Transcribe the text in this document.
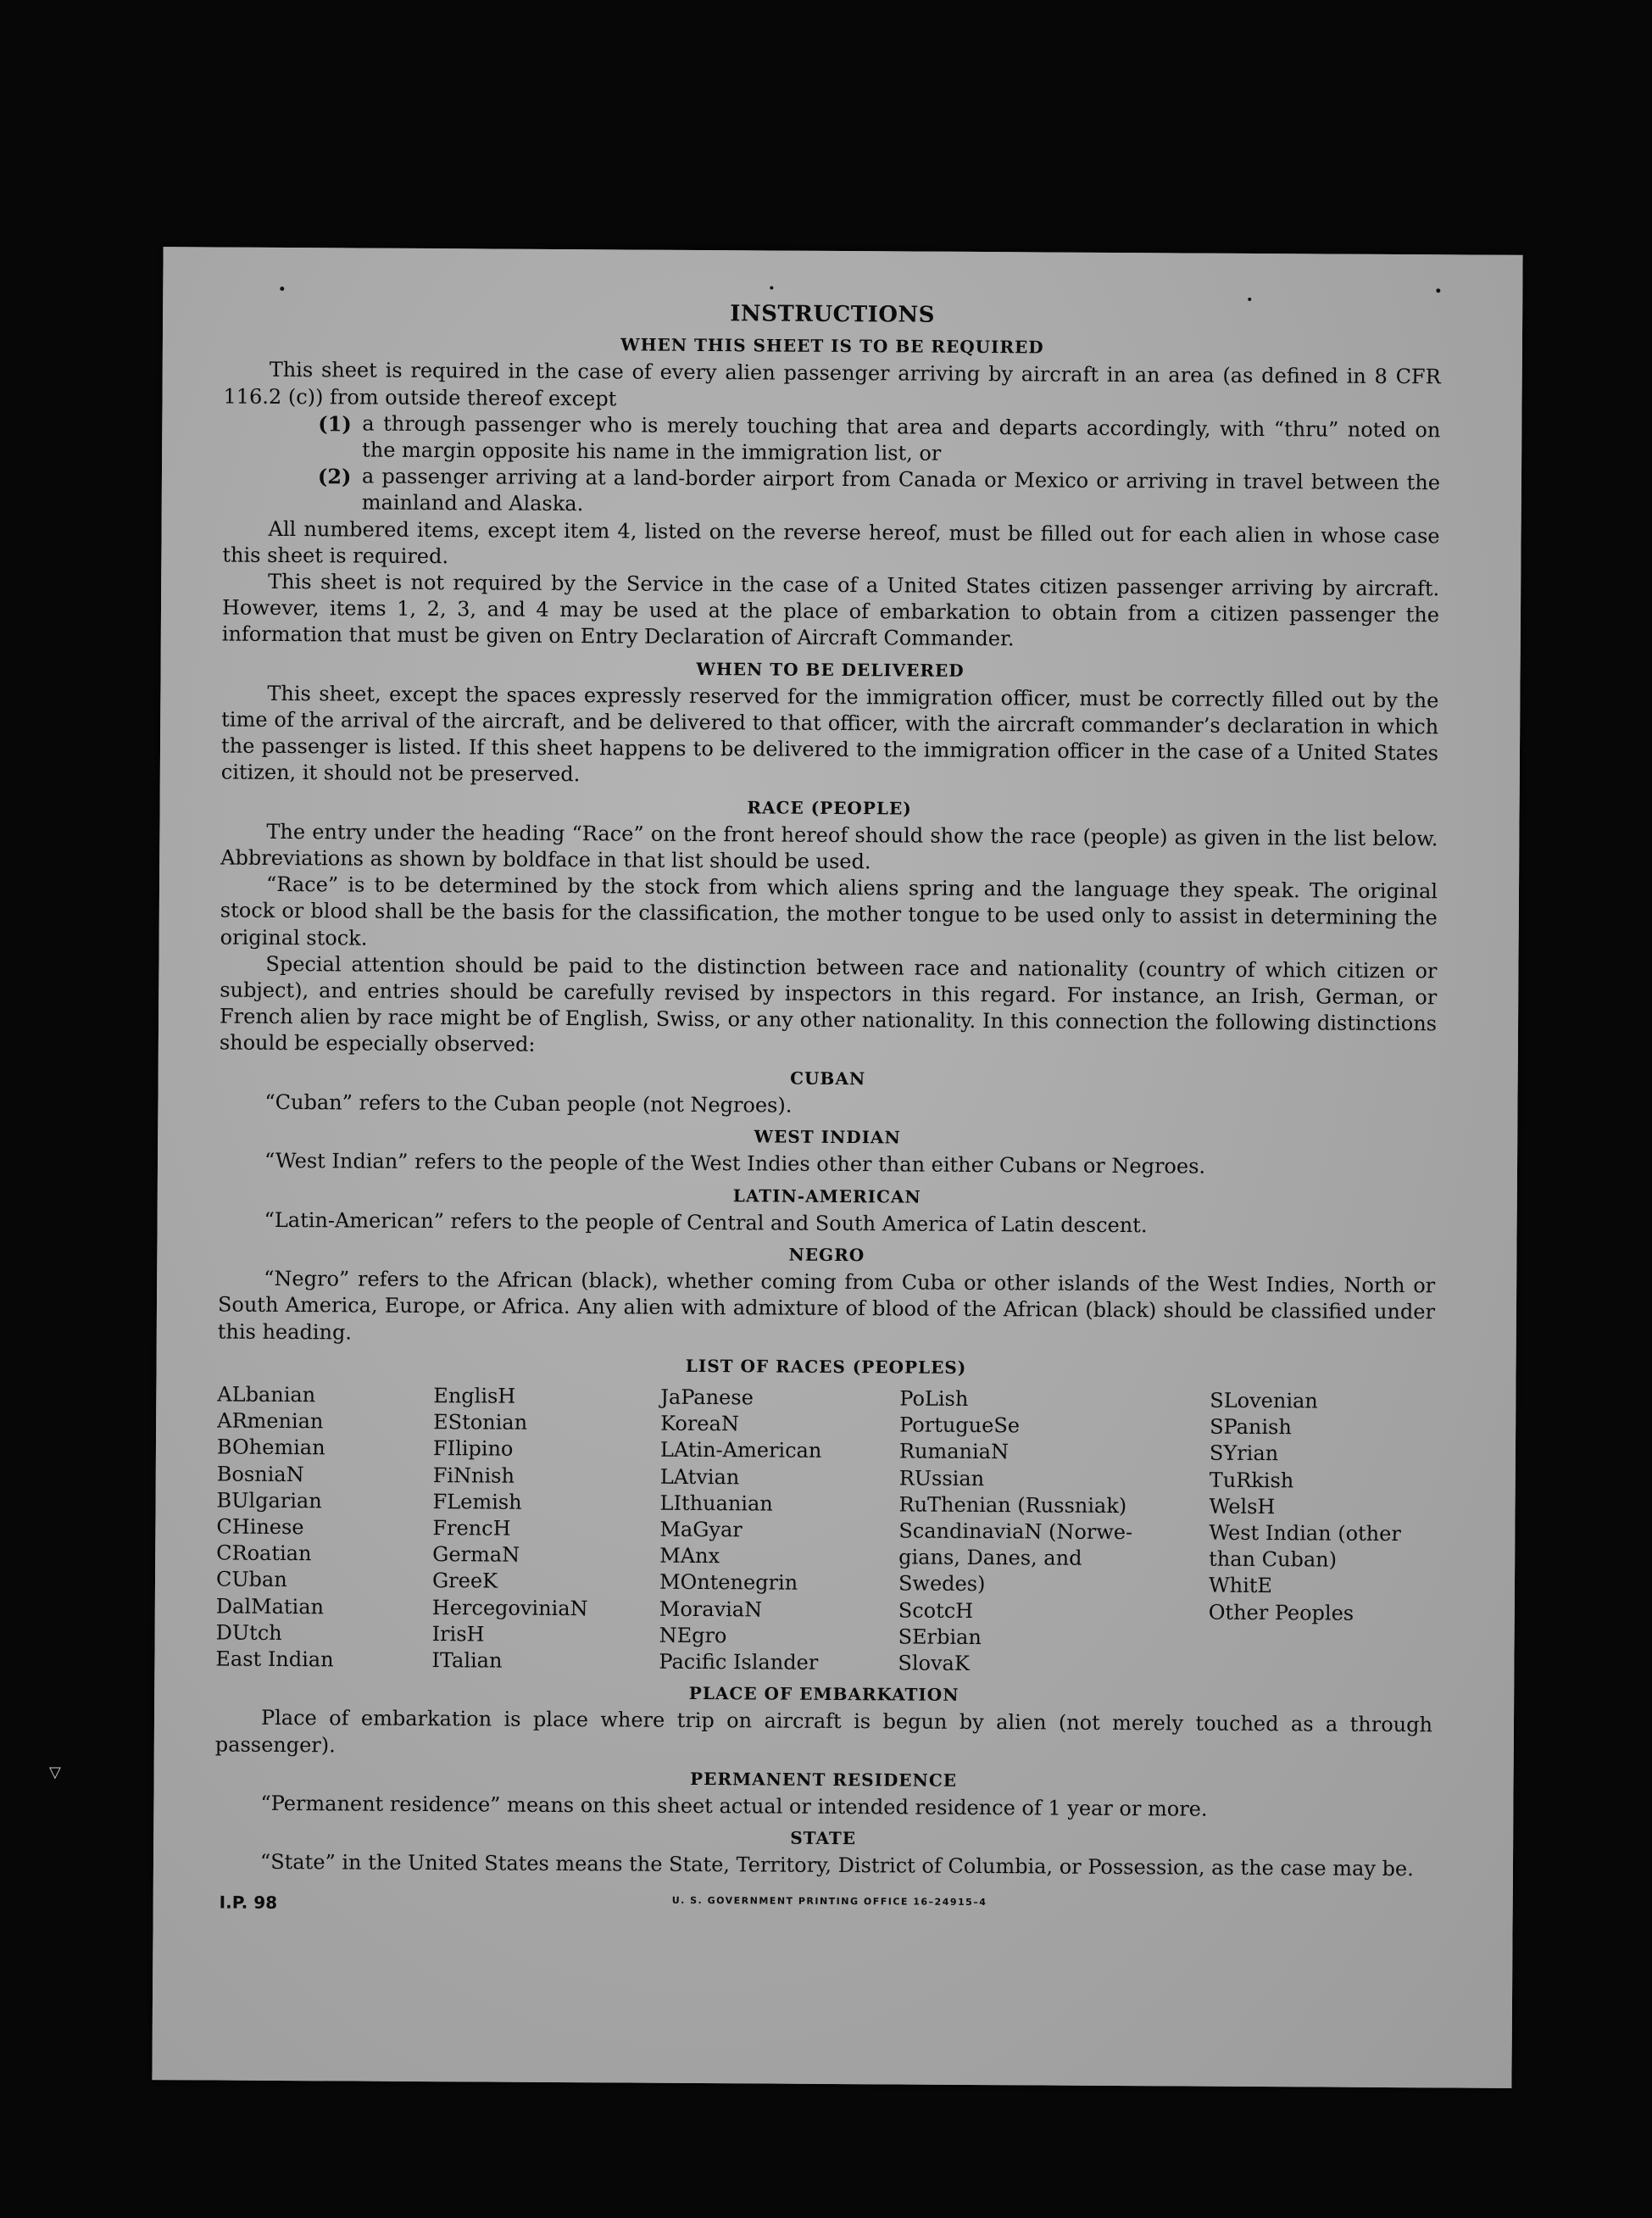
INSTRUCTIONS
WHEN THIS SHEET IS TO BE REQUIRED

This sheet is required in the case of every alien passenger arriving by aircraft in an area (as defined in 8 CFR 116.2 (c)) from outside thereof except

(1) a through passenger who is merely touching that area and departs accordingly, with “thru” noted on the margin opposite his name in the immigration list, or
(2) a passenger arriving at a land-border airport from Canada or Mexico or arriving in travel between the mainland and Alaska.

All numbered items, except item 4, listed on the reverse hereof, must be filled out for each alien in whose case this sheet is required.

This sheet is not required by the Service in the case of a United States citizen passenger arriving by aircraft. However, items 1, 2, 3, and 4 may be used at the place of embarkation to obtain from a citizen passenger the information that must be given on Entry Declaration of Aircraft Commander.

WHEN TO BE DELIVERED

This sheet, except the spaces expressly reserved for the immigration officer, must be correctly filled out by the time of the arrival of the aircraft, and be delivered to that officer, with the aircraft commander’s declaration in which the passenger is listed. If this sheet happens to be delivered to the immigration officer in the case of a United States citizen, it should not be preserved.

RACE (PEOPLE)

The entry under the heading “Race” on the front hereof should show the race (people) as given in the list below. Abbreviations as shown by boldface in that list should be used.

“Race” is to be determined by the stock from which aliens spring and the language they speak. The original stock or blood shall be the basis for the classification, the mother tongue to be used only to assist in determining the original stock.

Special attention should be paid to the distinction between race and nationality (country of which citizen or subject), and entries should be carefully revised by inspectors in this regard. For instance, an Irish, German, or French alien by race might be of English, Swiss, or any other nationality. In this connection the following distinctions should be especially observed:

CUBAN

“Cuban” refers to the Cuban people (not Negroes).

WEST INDIAN

“West Indian” refers to the people of the West Indies other than either Cubans or Negroes.

LATIN-AMERICAN

“Latin-American” refers to the people of Central and South America of Latin descent.

NEGRO

“Negro” refers to the African (black), whether coming from Cuba or other islands of the West Indies, North or South America, Europe, or Africa. Any alien with admixture of blood of the African (black) should be classified under this heading.

LIST OF RACES (PEOPLES)
ALbanian
ARmenian
BOhemian
BosniaN
BUlgarian
CHinese
CRoatian
CUban
DalMatian
DUtch
East Indian
EnglisH
EStonian
FIlipino
FiNnish
FLemish
FrencH
GermaN
GreeK
HercegoviniaN
IrisH
ITalian
JaPanese
KoreaN
LAtin-American
LAtvian
LIthuanian
MaGyar
MAnx
MOntenegrin
MoraviaN
NEgro
Pacific Islander
PoLish
PortugueSe
RumaniaN
RUssian
RuThenian (Russniak)
ScandinaviaN (Norwe-
gians, Danes, and
Swedes)
ScotcH
SErbian
SlovaK
SLovenian
SPanish
SYrian
TuRkish
WelsH
West Indian (other
than Cuban)
WhitE
Other Peoples
PLACE OF EMBARKATION

Place of embarkation is place where trip on aircraft is begun by alien (not merely touched as a through passenger).

PERMANENT RESIDENCE

“Permanent residence” means on this sheet actual or intended residence of 1 year or more.

STATE

“State” in the United States means the State, Territory, District of Columbia, or Possession, as the case may be.

I.P. 98	U. S. GOVERNMENT PRINTING OFFICE 16–24915–4
▽
